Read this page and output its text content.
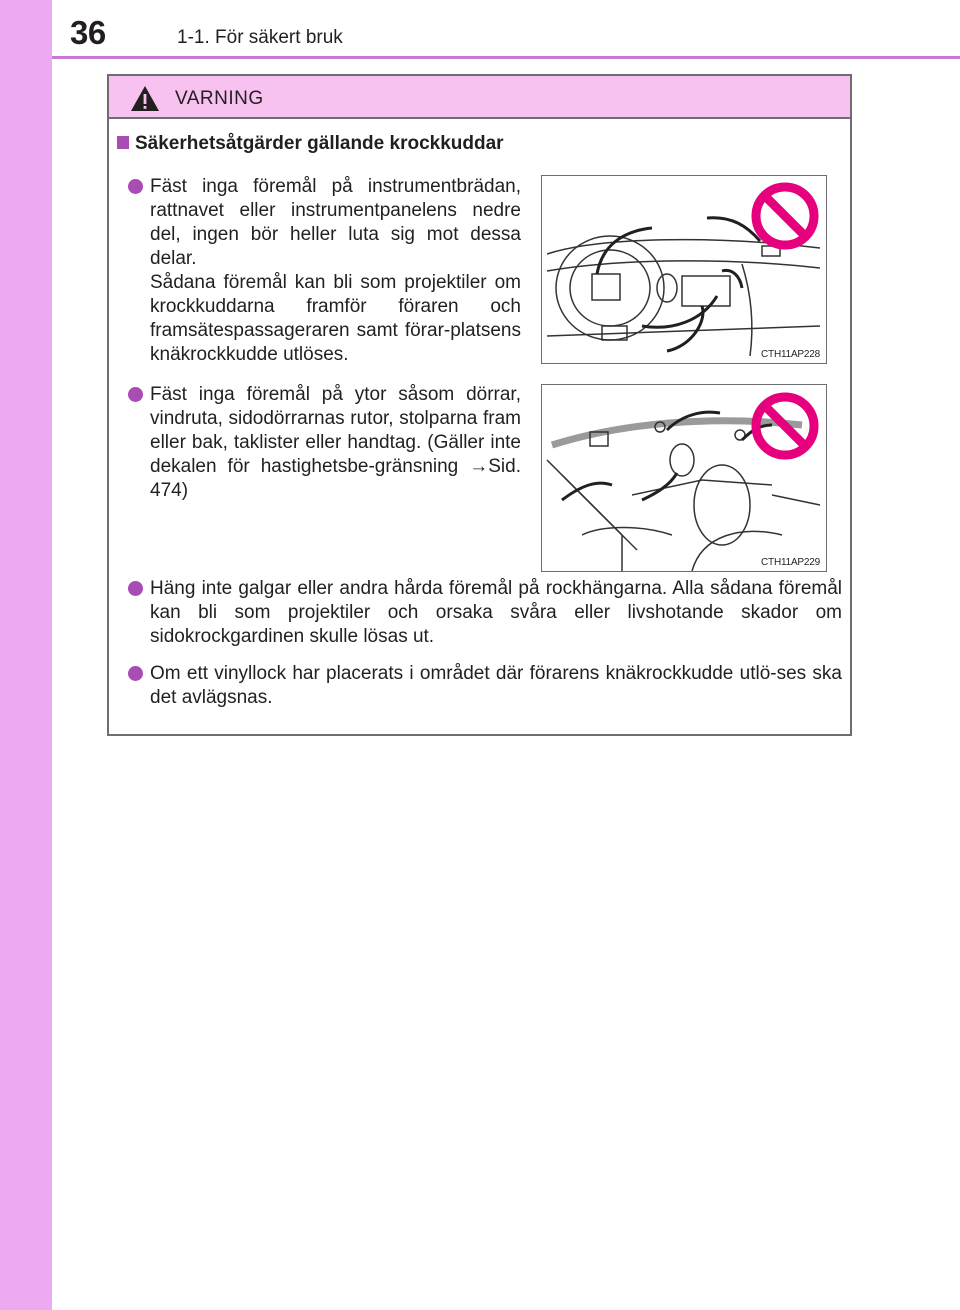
36	1-1. För säkert bruk
VARNING
Säkerhetsåtgärder gällande krockkuddar
Fäst inga föremål på instrumentbrädan, rattnavet eller instrumentpanelens nedre del, ingen bör heller luta sig mot dessa delar.
Sådana föremål kan bli som projektiler om krockkuddarna framför föraren och framsätespassageraren samt förar-platsens knäkrockkudde utlöses.	CTH11AP228
Fäst inga föremål på ytor såsom dörrar, vindruta, sidodörrarnas rutor, stolparna fram eller bak, taklister eller handtag. (Gäller inte dekalen för hastighetsbe-gränsning →Sid. 474)
CTH11AP229
Häng inte galgar eller andra hårda föremål på rockhängarna. Alla sådana föremål kan bli som projektiler och orsaka svåra eller livshotande skador om sidokrockgardinen skulle lösas ut.
Om ett vinyllock har placerats i området där förarens knäkrockkudde utlö-ses ska det avlägsnas.
